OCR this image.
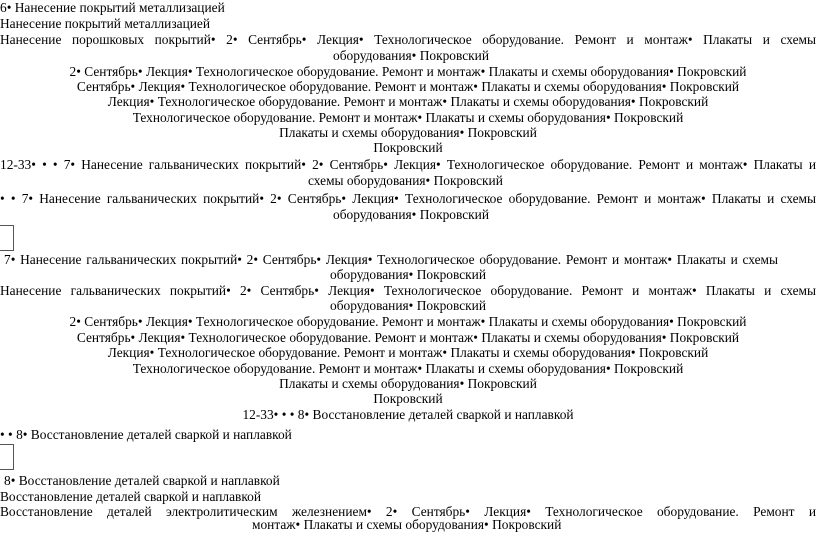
6• Нанесение покрытий металлизацией
Нанесение покрытий металлизацией
Нанесение порошковых покрытий• 2• Сентябрь• Лекция• Технологическое оборудование. Ремонт и монтаж• Плакаты и схемы
оборудования• Покровский
2• Сентябрь• Лекция• Технологическое оборудование. Ремонт и монтаж• Плакаты и схемы оборудования• Покровский
Сентябрь• Лекция• Технологическое оборудование. Ремонт и монтаж• Плакаты и схемы оборудования• Покровский
Лекция• Технологическое оборудование. Ремонт и монтаж• Плакаты и схемы оборудования• Покровский
Технологическое оборудование. Ремонт и монтаж• Плакаты и схемы оборудования• Покровский
Плакаты и схемы оборудования• Покровский
Покровский
12-33• • • 7• Нанесение гальванических покрытий• 2• Сентябрь• Лекция• Технологическое оборудование. Ремонт и монтаж• Плакаты и
схемы оборудования• Покровский
• • 7• Нанесение гальванических покрытий• 2• Сентябрь• Лекция• Технологическое оборудование. Ремонт и монтаж• Плакаты и схемы
оборудования• Покровский
7• Нанесение гальванических покрытий• 2• Сентябрь• Лекция• Технологическое оборудование. Ремонт и монтаж• Плакаты и схемы
оборудования• Покровский
Нанесение гальванических покрытий• 2• Сентябрь• Лекция• Технологическое оборудование. Ремонт и монтаж• Плакаты и схемы
оборудования• Покровский
2• Сентябрь• Лекция• Технологическое оборудование. Ремонт и монтаж• Плакаты и схемы оборудования• Покровский
Сентябрь• Лекция• Технологическое оборудование. Ремонт и монтаж• Плакаты и схемы оборудования• Покровский
Лекция• Технологическое оборудование. Ремонт и монтаж• Плакаты и схемы оборудования• Покровский
Технологическое оборудование. Ремонт и монтаж• Плакаты и схемы оборудования• Покровский
Плакаты и схемы оборудования• Покровский
Покровский
12-33• • • 8• Восстановление деталей сваркой и наплавкой
• • 8• Восстановление деталей сваркой и наплавкой
8• Восстановление деталей сваркой и наплавкой
Восстановление деталей сваркой и наплавкой
Восстановление деталей электролитическим железнением• 2• Сентябрь• Лекция• Технологическое оборудование. Ремонт и
монтаж• Плакаты и схемы оборудования• Покровский
